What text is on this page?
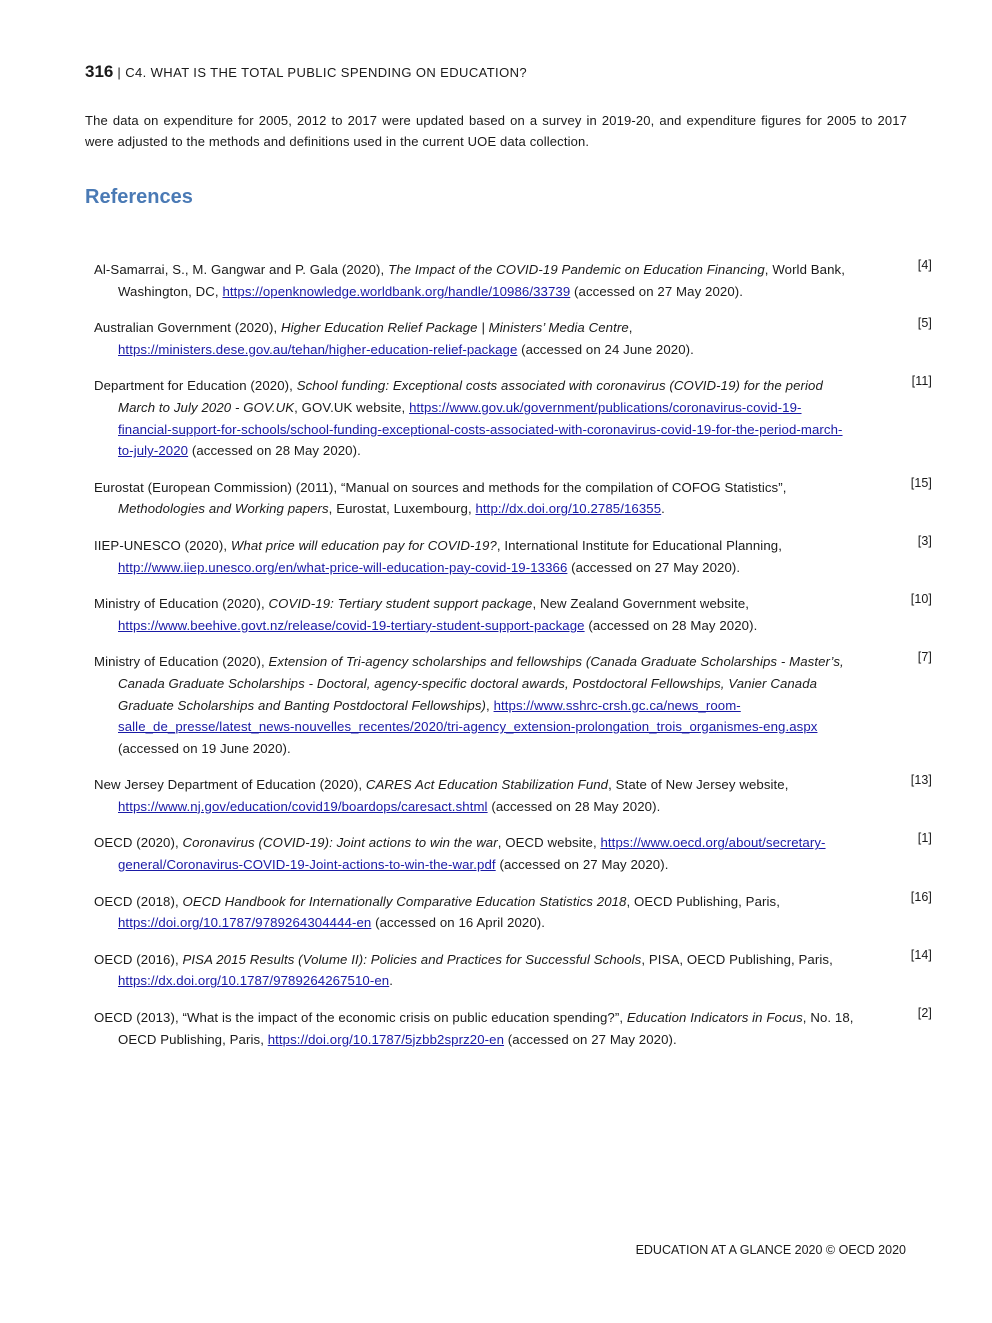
316 | C4. WHAT IS THE TOTAL PUBLIC SPENDING ON EDUCATION?

The data on expenditure for 2005, 2012 to 2017 were updated based on a survey in 2019-20, and expenditure figures for 2005 to 2017 were adjusted to the methods and definitions used in the current UOE data collection.

References
Al-Samarrai, S., M. Gangwar and P. Gala (2020), The Impact of the COVID-19 Pandemic on Education Financing, World Bank, Washington, DC, https://openknowledge.worldbank.org/handle/10986/33739 (accessed on 27 May 2020).
[4]
Australian Government (2020), Higher Education Relief Package | Ministers’ Media Centre, https://ministers.dese.gov.au/tehan/higher-education-relief-package (accessed on 24 June 2020).
[5]
Department for Education (2020), School funding: Exceptional costs associated with coronavirus (COVID-19) for the period March to July 2020 - GOV.UK, GOV.UK website, https://www.gov.uk/government/publications/coronavirus-covid-19-financial-support-for-schools/school-funding-exceptional-costs-associated-with-coronavirus-covid-19-for-the-period-march-to-july-2020 (accessed on 28 May 2020).
[11]
Eurostat (European Commission) (2011), “Manual on sources and methods for the compilation of COFOG Statistics”, Methodologies and Working papers, Eurostat, Luxembourg, http://dx.doi.org/10.2785/16355.
[15]
IIEP-UNESCO (2020), What price will education pay for COVID-19?, International Institute for Educational Planning, http://www.iiep.unesco.org/en/what-price-will-education-pay-covid-19-13366 (accessed on 27 May 2020).
[3]
Ministry of Education (2020), COVID-19: Tertiary student support package, New Zealand Government website, https://www.beehive.govt.nz/release/covid-19-tertiary-student-support-package (accessed on 28 May 2020).
[10]
Ministry of Education (2020), Extension of Tri-agency scholarships and fellowships (Canada Graduate Scholarships - Master’s, Canada Graduate Scholarships - Doctoral, agency-specific doctoral awards, Postdoctoral Fellowships, Vanier Canada Graduate Scholarships and Banting Postdoctoral Fellowships), https://www.sshrc-crsh.gc.ca/news_room-salle_de_presse/latest_news-nouvelles_recentes/2020/tri-agency_extension-prolongation_trois_organismes-eng.aspx (accessed on 19 June 2020).
[7]
New Jersey Department of Education (2020), CARES Act Education Stabilization Fund, State of New Jersey website, https://www.nj.gov/education/covid19/boardops/caresact.shtml (accessed on 28 May 2020).
[13]
OECD (2020), Coronavirus (COVID-19): Joint actions to win the war, OECD website, https://www.oecd.org/about/secretary-general/Coronavirus-COVID-19-Joint-actions-to-win-the-war.pdf (accessed on 27 May 2020).
[1]
OECD (2018), OECD Handbook for Internationally Comparative Education Statistics 2018, OECD Publishing, Paris, https://doi.org/10.1787/9789264304444-en (accessed on 16 April 2020).
[16]
OECD (2016), PISA 2015 Results (Volume II): Policies and Practices for Successful Schools, PISA, OECD Publishing, Paris, https://dx.doi.org/10.1787/9789264267510-en.
[14]
OECD (2013), “What is the impact of the economic crisis on public education spending?”, Education Indicators in Focus, No. 18, OECD Publishing, Paris, https://doi.org/10.1787/5jzbb2sprz20-en (accessed on 27 May 2020).
[2]
EDUCATION AT A GLANCE 2020 © OECD 2020
